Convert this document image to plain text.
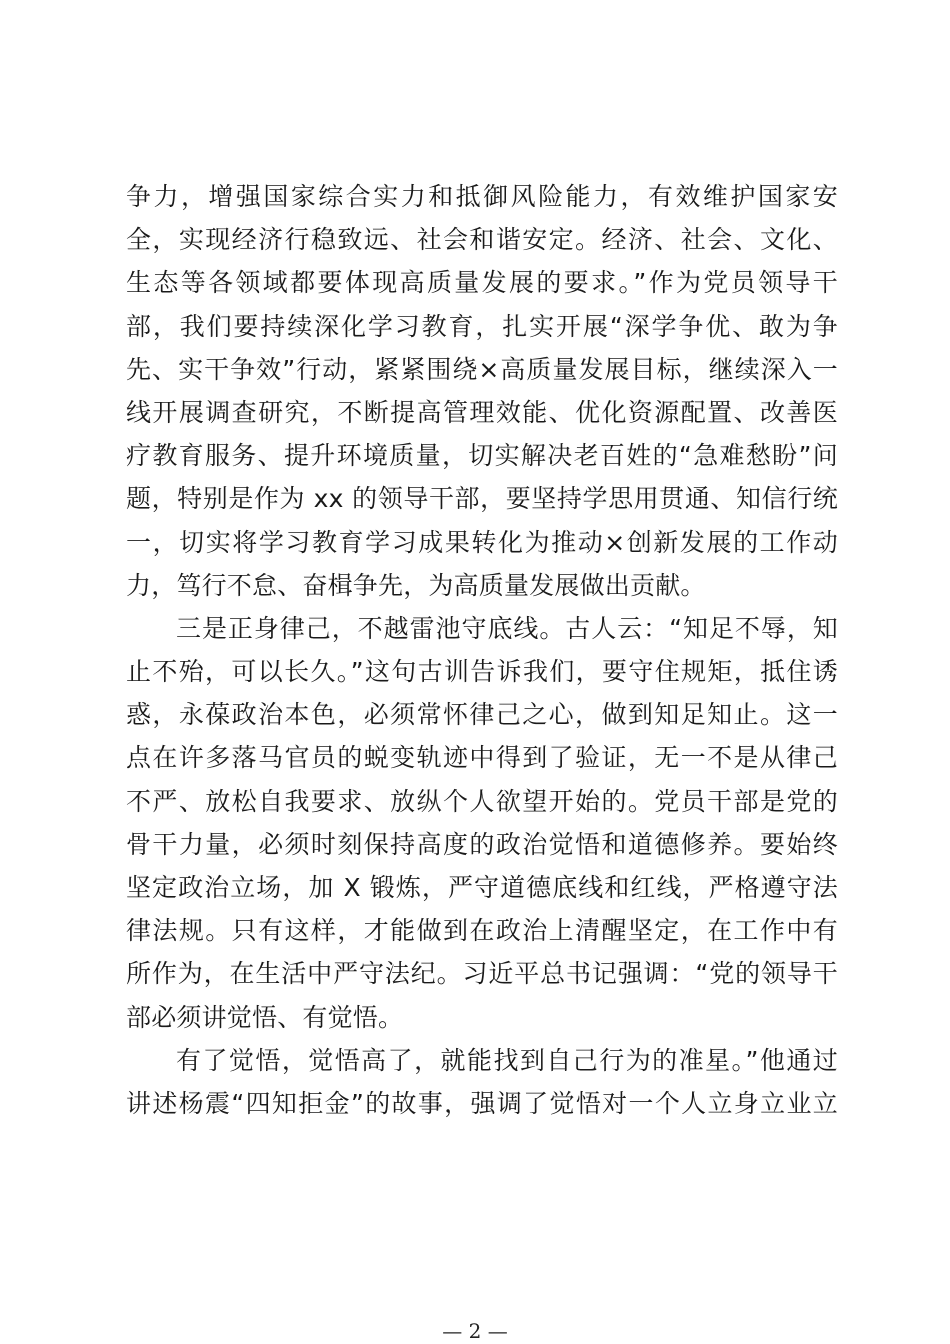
争力，增强国家综合实力和抵御风险能力，有效维护国家安
全，实现经济行稳致远、社会和谐安定。经济、社会、文化、
生态等各领域都要体现高质量发展的要求。”作为党员领导干
部，我们要持续深化学习教育，扎实开展“深学争优、敢为争
先、实干争效”行动，紧紧围绕×高质量发展目标，继续深入一
线开展调查研究，不断提高管理效能、优化资源配置、改善医
疗教育服务、提升环境质量，切实解决老百姓的“急难愁盼”问
题，特别是作为 xx 的领导干部，要坚持学思用贯通、知信行统
一，切实将学习教育学习成果转化为推动×创新发展的工作动
力，笃行不怠、奋楫争先，为高质量发展做出贡献。
三是正身律己，不越雷池守底线。古人云：“知足不辱，知
止不殆，可以长久。”这句古训告诉我们，要守住规矩，抵住诱
惑，永葆政治本色，必须常怀律己之心，做到知足知止。这一
点在许多落马官员的蜕变轨迹中得到了验证，无一不是从律己
不严、放松自我要求、放纵个人欲望开始的。党员干部是党的
骨干力量，必须时刻保持高度的政治觉悟和道德修养。要始终
坚定政治立场，加 X 锻炼，严守道德底线和红线，严格遵守法
律法规。只有这样，才能做到在政治上清醒坚定，在工作中有
所作为，在生活中严守法纪。习近平总书记强调：“党的领导干
部必须讲觉悟、有觉悟。
有了觉悟，觉悟高了，就能找到自己行为的准星。”他通过
讲述杨震“四知拒金”的故事，强调了觉悟对一个人立身立业立
— 2 —
